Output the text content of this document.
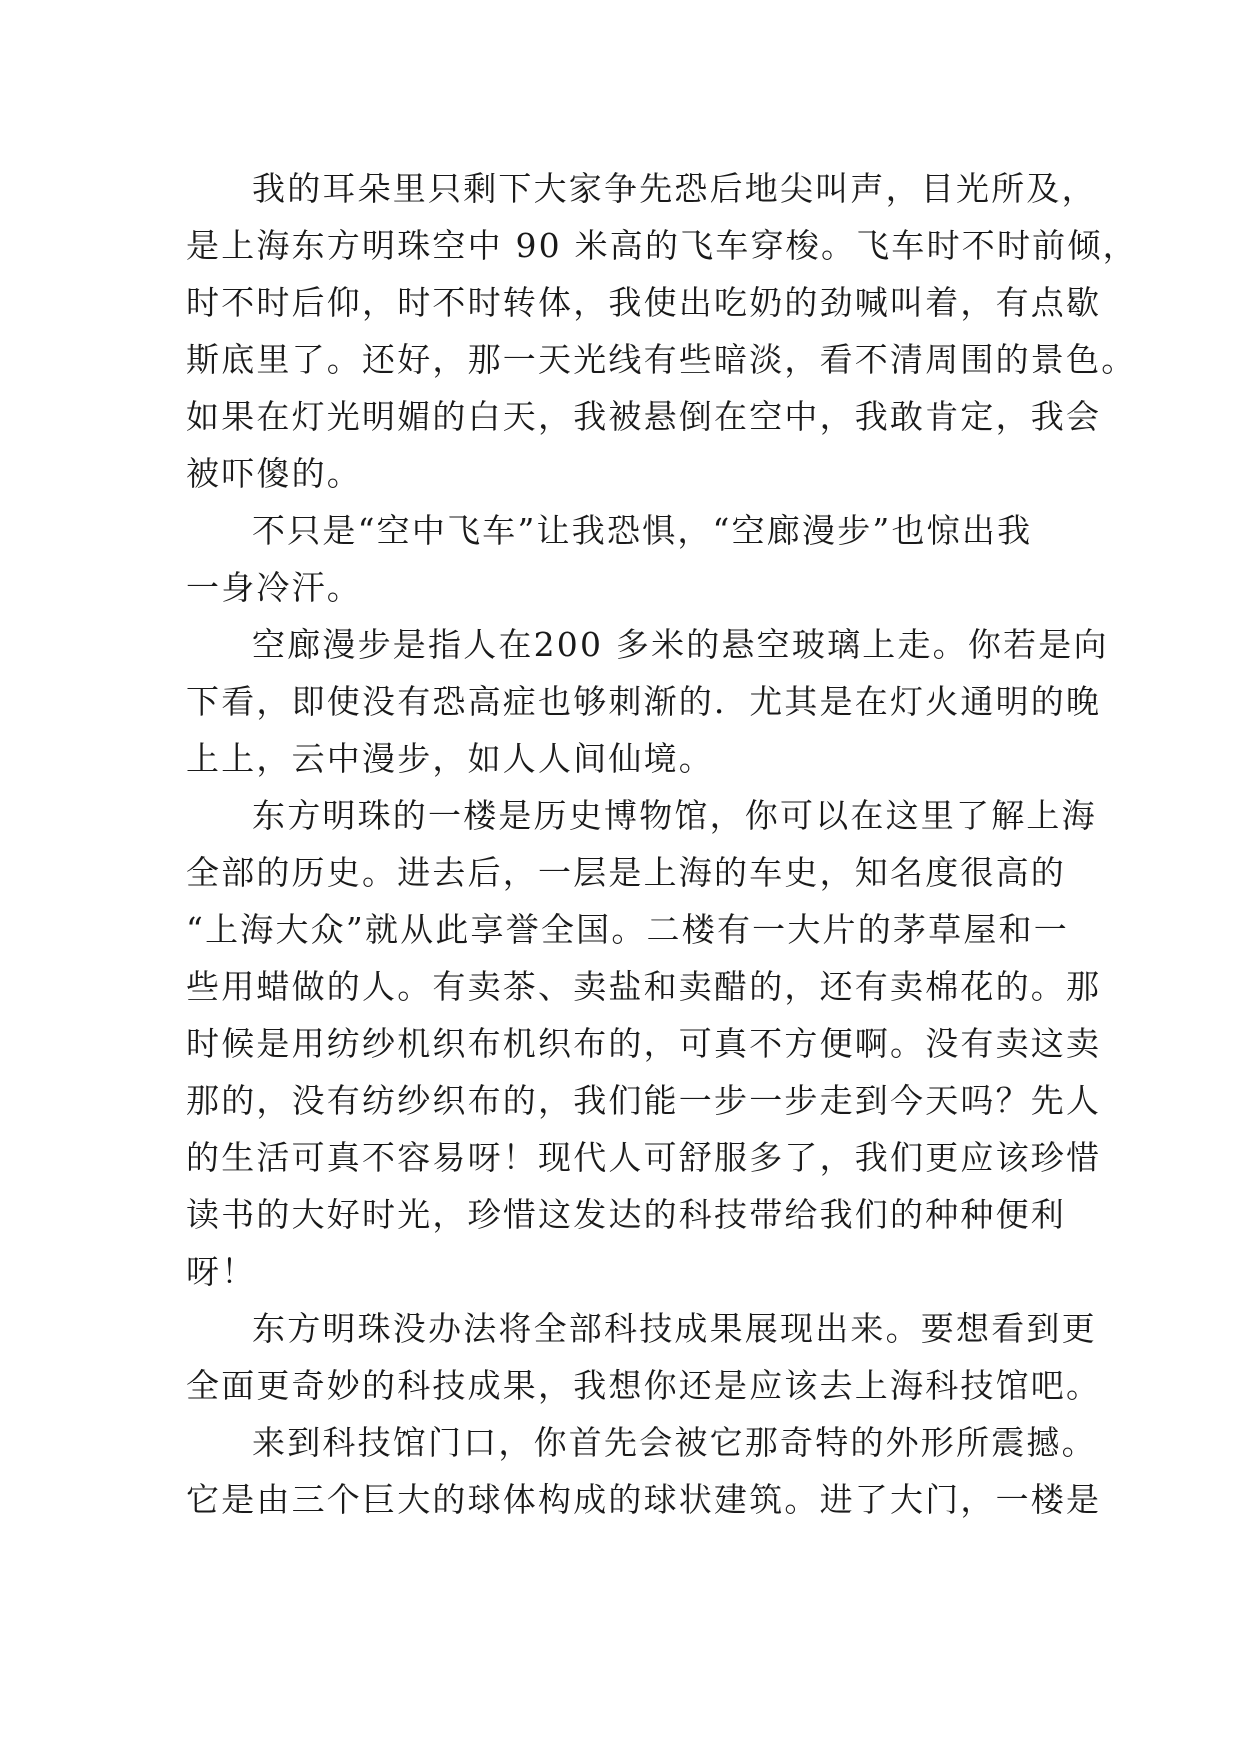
我的耳朵里只剩下大家争先恐后地尖叫声，目光所及，
是上海东方明珠空中 90 米高的飞车穿梭。飞车时不时前倾，
时不时后仰，时不时转体，我使出吃奶的劲喊叫着，有点歇
斯底里了。还好，那一天光线有些暗淡，看不清周围的景色。
如果在灯光明媚的白天，我被悬倒在空中，我敢肯定，我会
被吓傻的。
不只是“空中飞车”让我恐惧，“空廊漫步”也惊出我
一身冷汗。
空廊漫步是指人在200 多米的悬空玻璃上走。你若是向
下看，即使没有恐高症也够刺渐的．尤其是在灯火通明的晚
上上，云中漫步，如人人间仙境。
东方明珠的一楼是历史博物馆，你可以在这里了解上海
全部的历史。进去后，一层是上海的车史，知名度很高的
“上海大众”就从此享誉全国。二楼有一大片的茅草屋和一
些用蜡做的人。有卖茶、卖盐和卖醋的，还有卖棉花的。那
时候是用纺纱机织布机织布的，可真不方便啊。没有卖这卖
那的，没有纺纱织布的，我们能一步一步走到今天吗？先人
的生活可真不容易呀！现代人可舒服多了，我们更应该珍惜
读书的大好时光，珍惜这发达的科技带给我们的种种便利
呀！
东方明珠没办法将全部科技成果展现出来。要想看到更
全面更奇妙的科技成果，我想你还是应该去上海科技馆吧。
来到科技馆门口，你首先会被它那奇特的外形所震撼。
它是由三个巨大的球体构成的球状建筑。进了大门，一楼是
